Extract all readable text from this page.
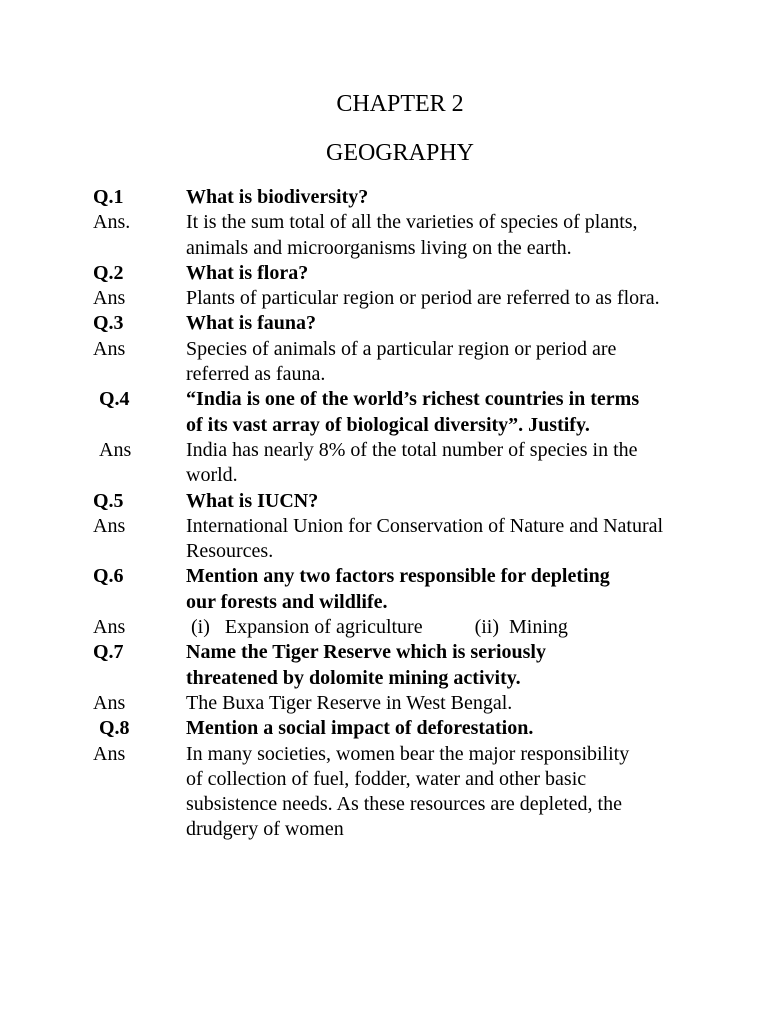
CHAPTER 2
GEOGRAPHY
Q.1	What is biodiversity?
Ans.	It is the sum total of all the varieties of species of plants, animals and microorganisms living on the earth.
Q.2	What is flora?
Ans	Plants of particular region or period are referred to as flora.
Q.3	What is fauna?
Ans	Species of animals of a particular region or period are referred as fauna.
Q.4	“India is one of the world’s richest countries in terms of its vast array of biological diversity”. Justify.
Ans	India has nearly 8% of the total number of species in the world.
Q.5	What is IUCN?
Ans	International Union for Conservation of Nature and Natural Resources.
Q.6	Mention any two factors responsible for depleting our forests and wildlife.
Ans	(i)   Expansion of agriculture	(ii)  Mining
Q.7	Name the Tiger Reserve which is seriously threatened by dolomite mining activity.
Ans	The Buxa Tiger Reserve in West Bengal.
Q.8	Mention a social impact of deforestation.
Ans	In many societies, women bear the major responsibility of collection of fuel, fodder, water and other basic subsistence needs. As these resources are depleted, the drudgery of women
